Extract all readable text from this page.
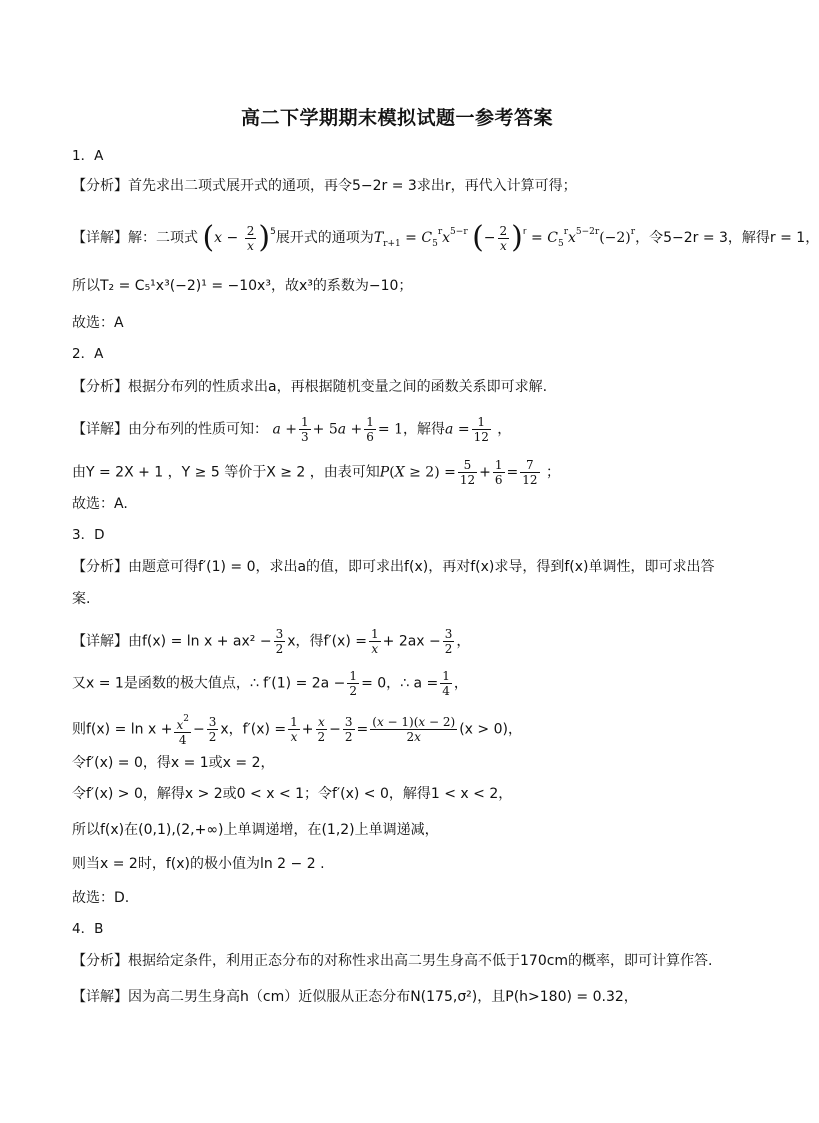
高二下学期期末模拟试题一参考答案
1．A
【分析】首先求出二项式展开式的通项，再令5−2r = 3求出r，再代入计算可得；
【详解】解：二项式 $(x - \frac{2}{x} )^5$展开式的通项为$T_{r+1} = C_5^rx^{5-r}$ (− $\frac{2}{x} )^r = C_5^rx^{5-2r}(-2)^r$，令5−2r = 3，解得r = 1，
所以T₂ = C₅¹x³(−2)¹ = −10x³，故x³的系数为−10；
故选：A
2．A
【分析】根据分布列的性质求出a，再根据随机变量之间的函数关系即可求解.
【详解】由分布列的性质可知： $a + \frac{1}{3} + 5a + \frac{1}{6} = 1$，解得$a = \frac{1}{12}$ ，
由Y = 2X + 1 ，Y ≥ 5 等价于X ≥ 2 ，由表可知$P(X \ge 2) = \frac{5}{12} + \frac{1}{6} = \frac{7}{12}$ ；
故选：A.
3．D
【分析】由题意可得f′(1) = 0，求出a的值，即可求出f(x)，再对f(x)求导，得到f(x)单调性，即可求出答
案.
【详解】由$f(x) = \ln x + ax^2 - \frac{3}{2}$ x，得$f'(x) = \frac{1}{x} + 2ax - \frac{3}{2}$ ，
又x = 1是函数的极大值点，∴ $f'(1) = 2a - \frac{1}{2} = 0$，∴ $a = \frac{1}{4}$ ，
则$f(x) = \ln x + \frac{x^2}{4} - \frac{3}{2}$ x，$f'(x) = \frac{1}{x} + \frac{x}{2} - \frac{3}{2} = \frac{(x - 1)(x - 2)}{2x} (x > 0)$，
令f′(x) = 0，得x = 1或x = 2，
令f′(x) > 0，解得x > 2或0 < x < 1；令f′(x) < 0，解得1 < x < 2，
所以f(x)在(0,1),(2,+∞)上单调递增，在(1,2)上单调递减，
则当x = 2时，f(x)的极小值为ln 2 − 2 .
故选：D.
4．B
【分析】根据给定条件，利用正态分布的对称性求出高二男生身高不低于170cm的概率，即可计算作答.
【详解】因为高二男生身高h（cm）近似服从正态分布N(175,σ²)，且P(h>180) = 0.32，
